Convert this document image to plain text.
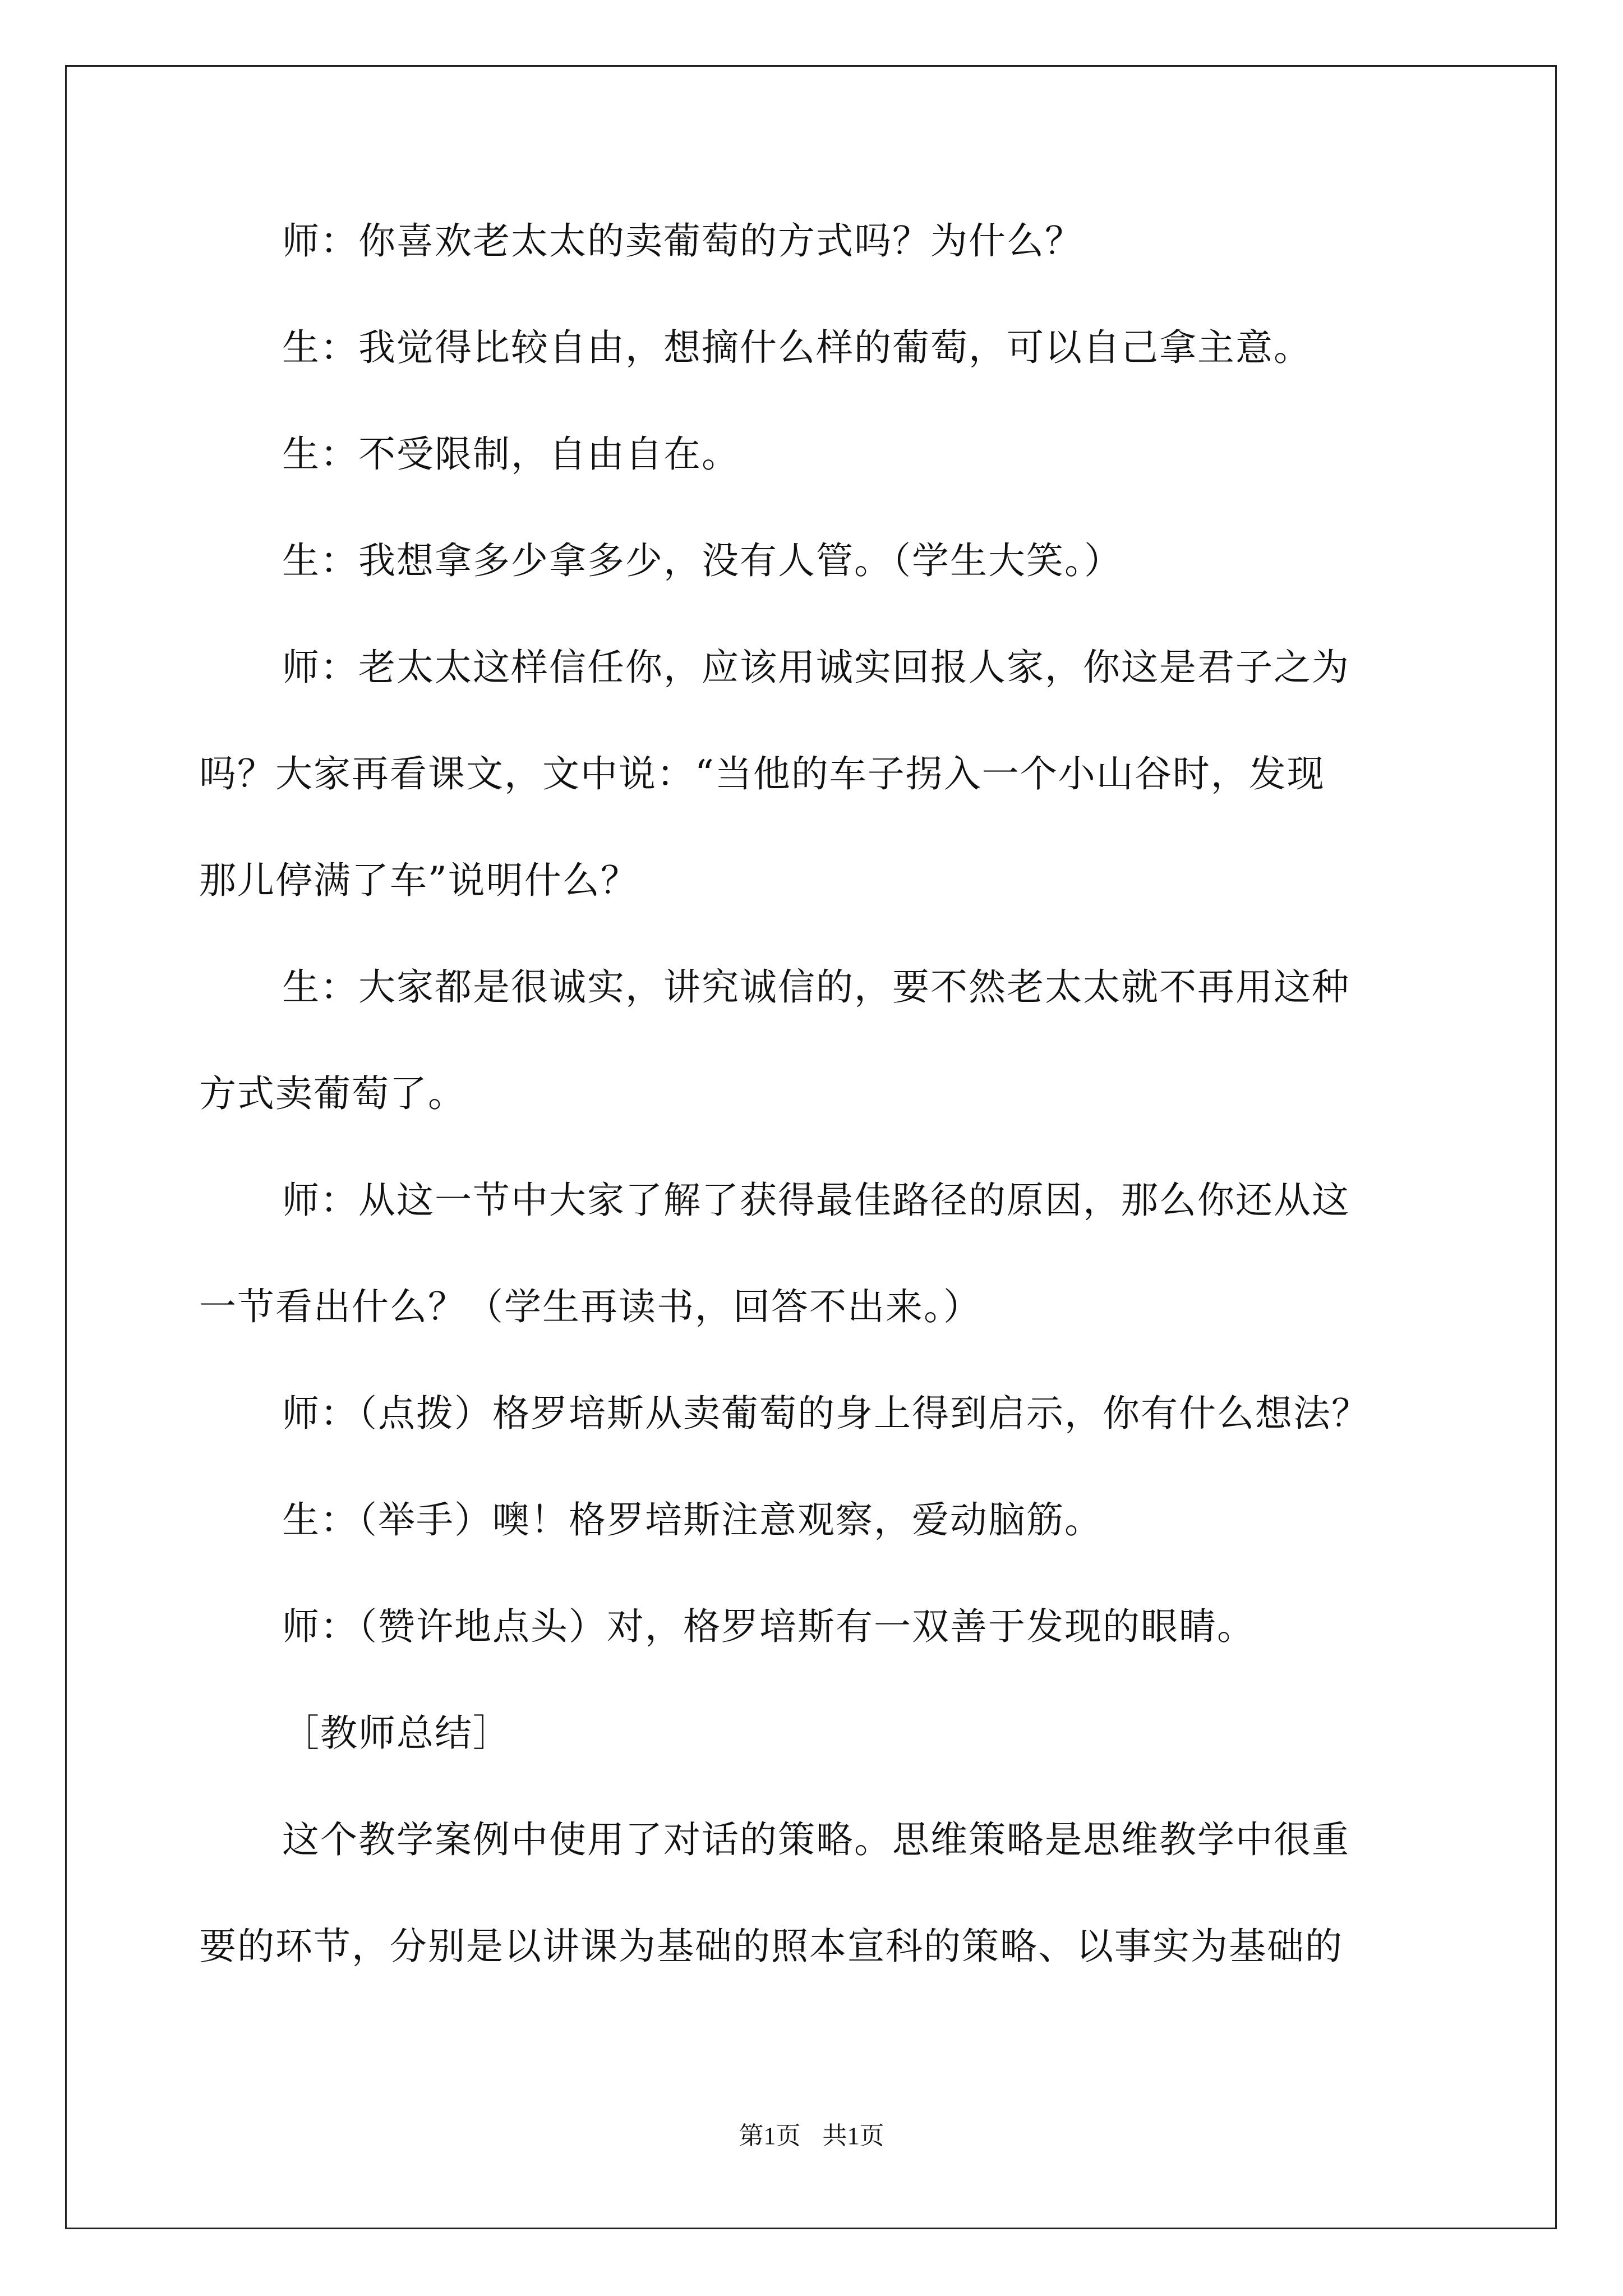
师：你喜欢老太太的卖葡萄的方式吗？为什么？
生：我觉得比较自由，想摘什么样的葡萄，可以自己拿主意。
生：不受限制，自由自在。
生：我想拿多少拿多少，没有人管。（学生大笑。）
师：老太太这样信任你，应该用诚实回报人家，你这是君子之为
吗？大家再看课文，文中说：“当他的车子拐入一个小山谷时，发现
那儿停满了车”说明什么？
生：大家都是很诚实，讲究诚信的，要不然老太太就不再用这种
方式卖葡萄了。
师：从这一节中大家了解了获得最佳路径的原因，那么你还从这
一节看出什么？（学生再读书，回答不出来。）
师：（点拨）格罗培斯从卖葡萄的身上得到启示，你有什么想法？
生：（举手）噢！格罗培斯注意观察，爱动脑筋。
师：（赞许地点头）对，格罗培斯有一双善于发现的眼睛。
［教师总结］
这个教学案例中使用了对话的策略。思维策略是思维教学中很重
要的环节，分别是以讲课为基础的照本宣科的策略、以事实为基础的
第1页 共1页
